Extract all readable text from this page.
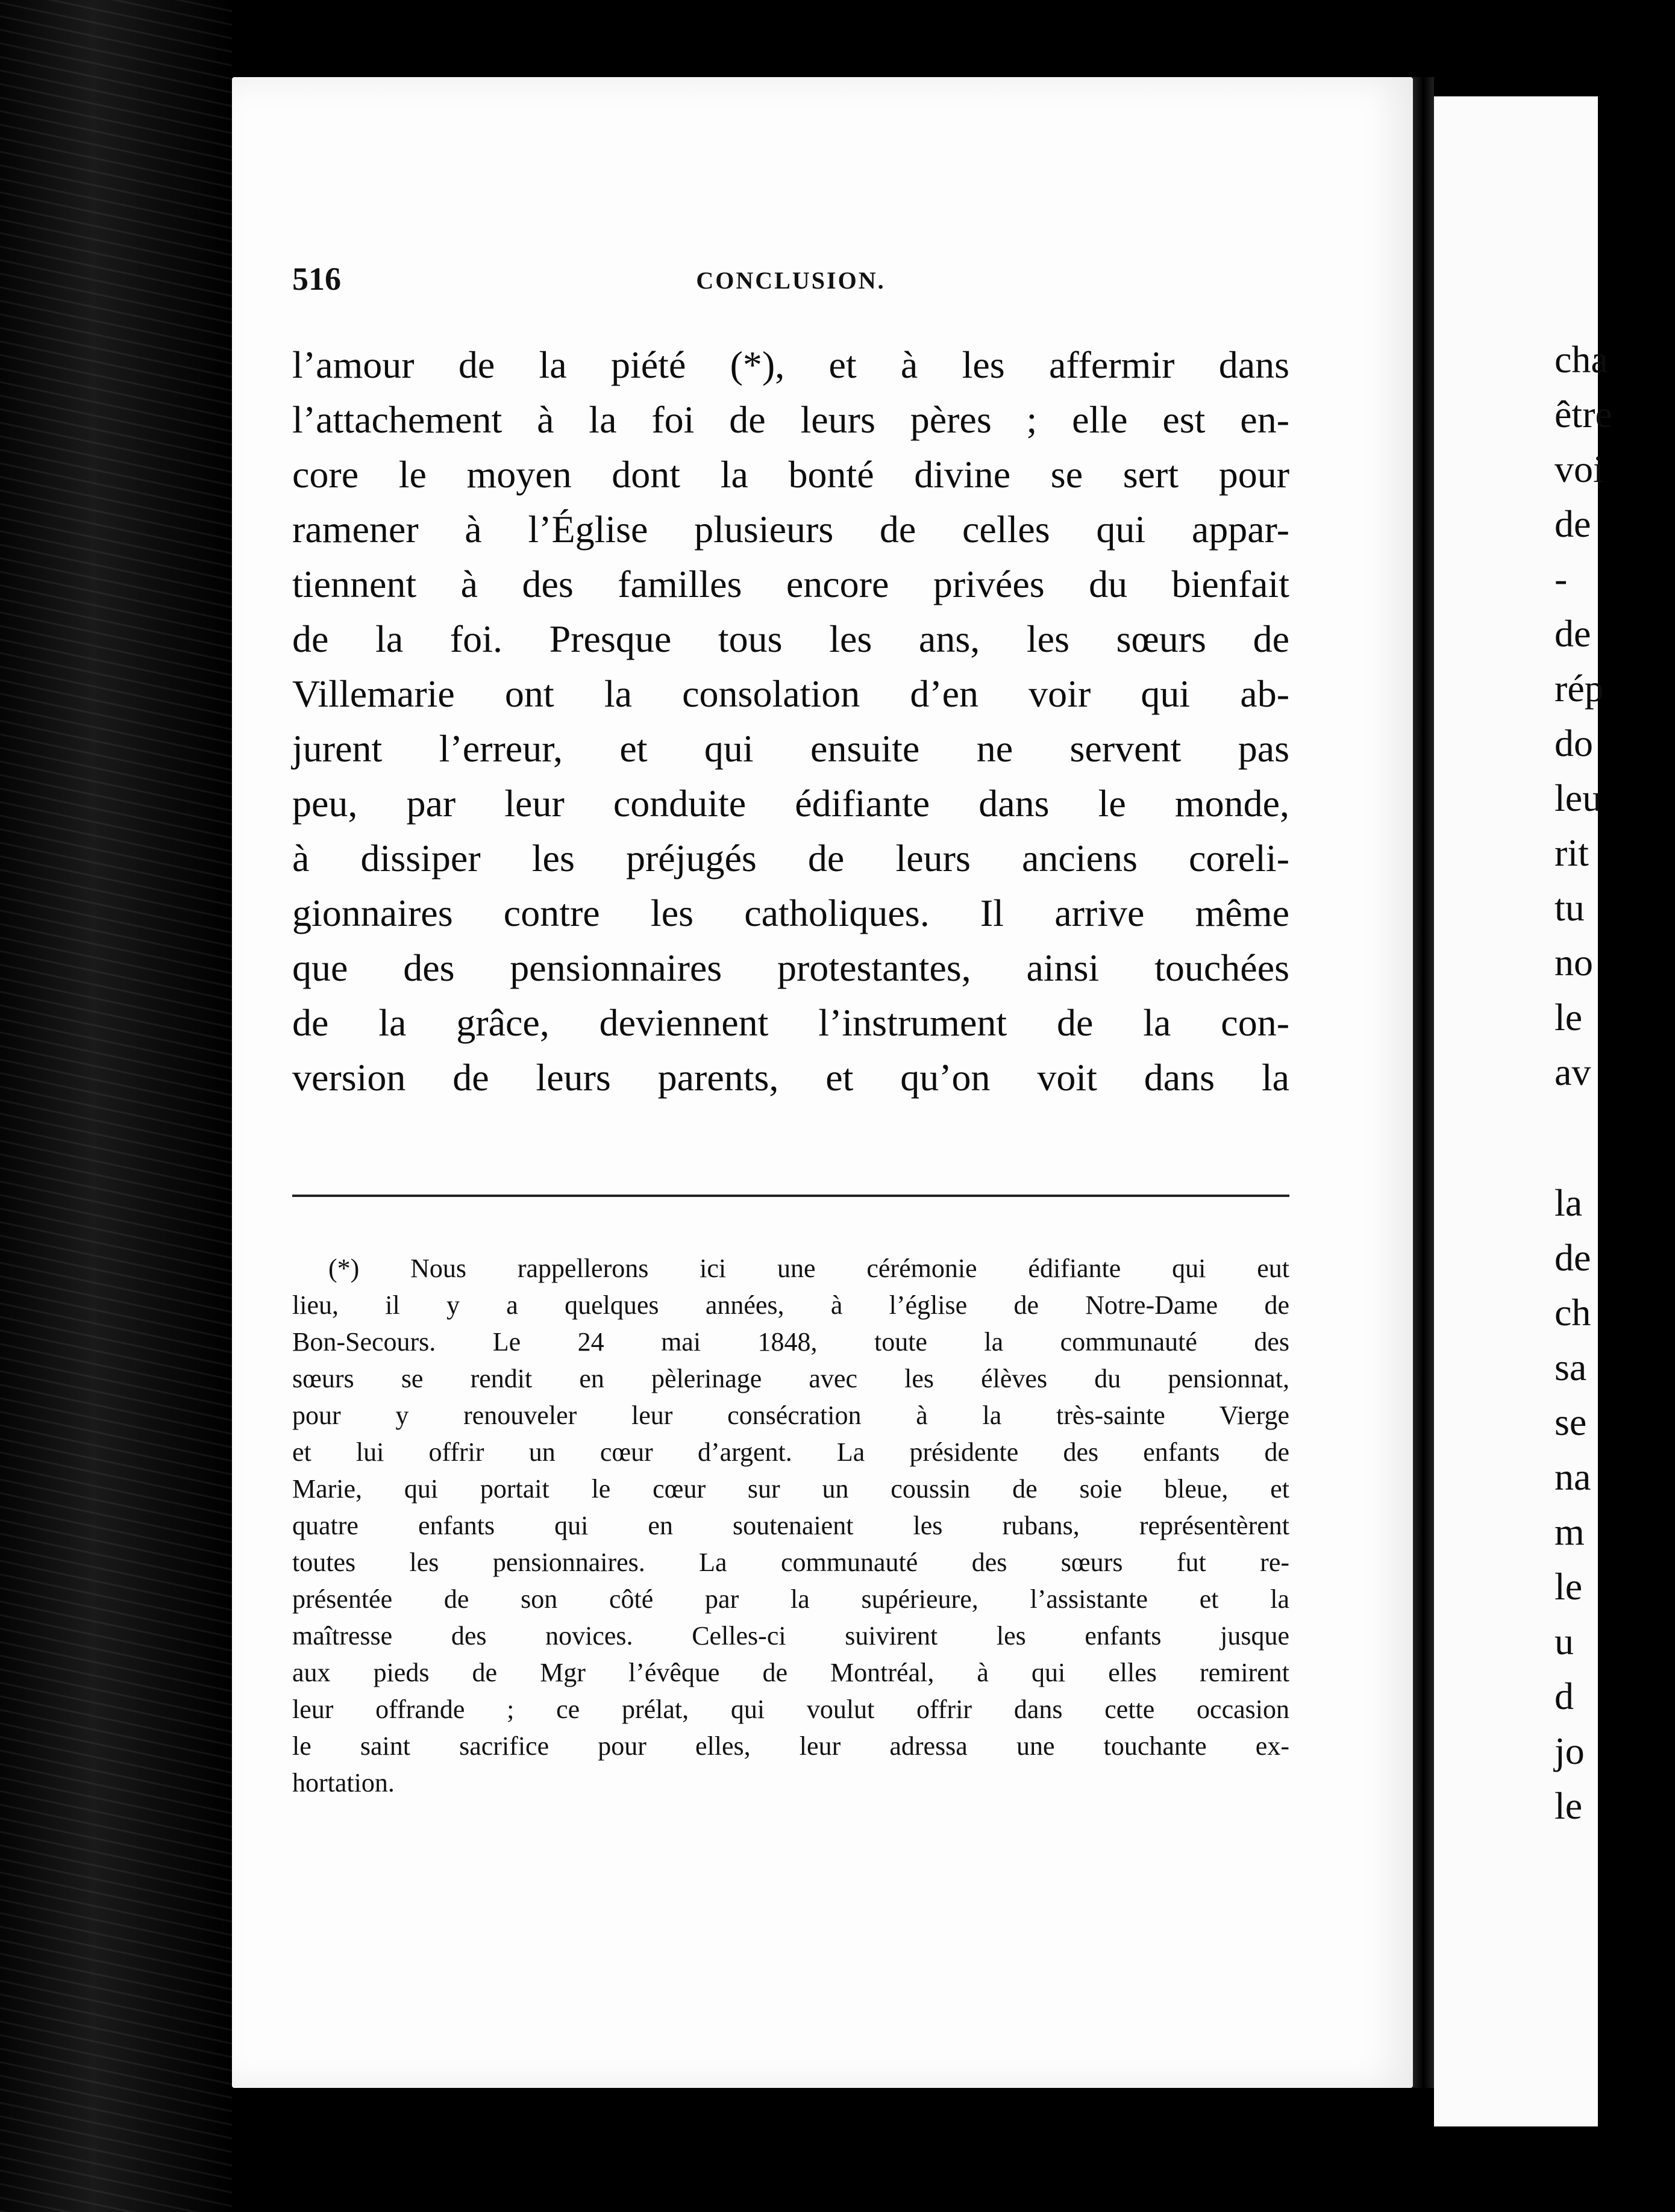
516	CONCLUSION.
l’amour de la piété (*), et à les affermir dans
l’attachement à la foi de leurs pères ; elle est en-
core le moyen dont la bonté divine se sert pour
ramener à l’Église plusieurs de celles qui appar-
tiennent à des familles encore privées du bienfait
de la foi. Presque tous les ans, les sœurs de
Villemarie ont la consolation d’en voir qui ab-
jurent l’erreur, et qui ensuite ne servent pas
peu, par leur conduite édifiante dans le monde,
à dissiper les préjugés de leurs anciens coreli-
gionnaires contre les catholiques. Il arrive même
que des pensionnaires protestantes, ainsi touchées
de la grâce, deviennent l’instrument de la con-
version de leurs parents, et qu’on voit dans la
(*) Nous rappellerons ici une cérémonie édifiante qui eut
lieu, il y a quelques années, à l’église de Notre-Dame de
Bon-Secours. Le 24 mai 1848, toute la communauté des
sœurs se rendit en pèlerinage avec les élèves du pensionnat,
pour y renouveler leur consécration à la très-sainte Vierge
et lui offrir un cœur d’argent. La présidente des enfants de
Marie, qui portait le cœur sur un coussin de soie bleue, et
quatre enfants qui en soutenaient les rubans, représentèrent
toutes les pensionnaires. La communauté des sœurs fut re-
présentée de son côté par la supérieure, l’assistante et la
maîtresse des novices. Celles-ci suivirent les enfants jusque
aux pieds de Mgr l’évêque de Montréal, à qui elles remirent
leur offrande ; ce prélat, qui voulut offrir dans cette occasion
le saint sacrifice pour elles, leur adressa une touchante ex-
hortation.
cha
être
voi
de
-
de
rép
do
leu
rit
tu
no
le
av
la
de
ch
sa
se
na
m
le
u
d
jo
le
